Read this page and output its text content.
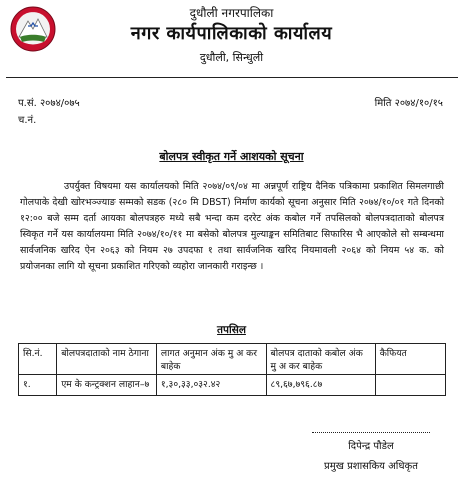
दुधौली नगरपालिका
नगर कार्यपालिकाको कार्यालय
दुधौली, सिन्धुली
प.सं. २०७४/०७५
च.नं.
मिति २०७४/१०/१५
बोलपत्र स्वीकृत गर्ने आशयको सूचना

उपर्युक्त विषयमा यस कार्यालयको मिति २०७४/०९/०४ मा अन्नपूर्ण राष्ट्रिय दैनिक पत्रिकामा प्रकाशित सिमलगाछी गोलपाके देखी खोरभञ्ज्याङ सम्मको सडक (२८० मि DBST) निर्माण कार्यको सूचना अनुसार मिति २०७४/१०/०१ गते दिनको १२:०० बजे सम्म दर्ता आयका बोलपत्रहरु मध्ये सबै भन्दा कम दररेट अंक कबोल गर्ने तपसिलको बोलपत्रदाताको बोलपत्र स्विकृत गर्ने यस कार्यालयमा मिति २०७४/१०/११ मा बसेको बोलपत्र मुल्याङ्कन समितिबाट सिफारिस भै आएकोले सो सम्बन्धमा सार्वजनिक खरिद ऐन २०६३ को नियम २७ उपदफा १ तथा सार्वजनिक खरिद नियमावली २०६४ को नियम ५४ क. को प्रयोजनका लागि यो सूचना प्रकाशित गरिएको व्यहोरा जानकारी गराइन्छ ।

तपसिल
सि.नं.	बोलपत्रदाताको नाम ठेगाना	लागत अनुमान अंक मु अ कर बाहेक	बोलपत्र दाताको कबोल अंक मु अ कर बाहेक	कैफियत
१.	एम के कन्ट्रक्शन लाहान–७	१,३०,३३,०३२.४२	८९,६७,७९६.८७	
दिपेन्द्र पौडेल
प्रमुख प्रशासकिय अधिकृत
